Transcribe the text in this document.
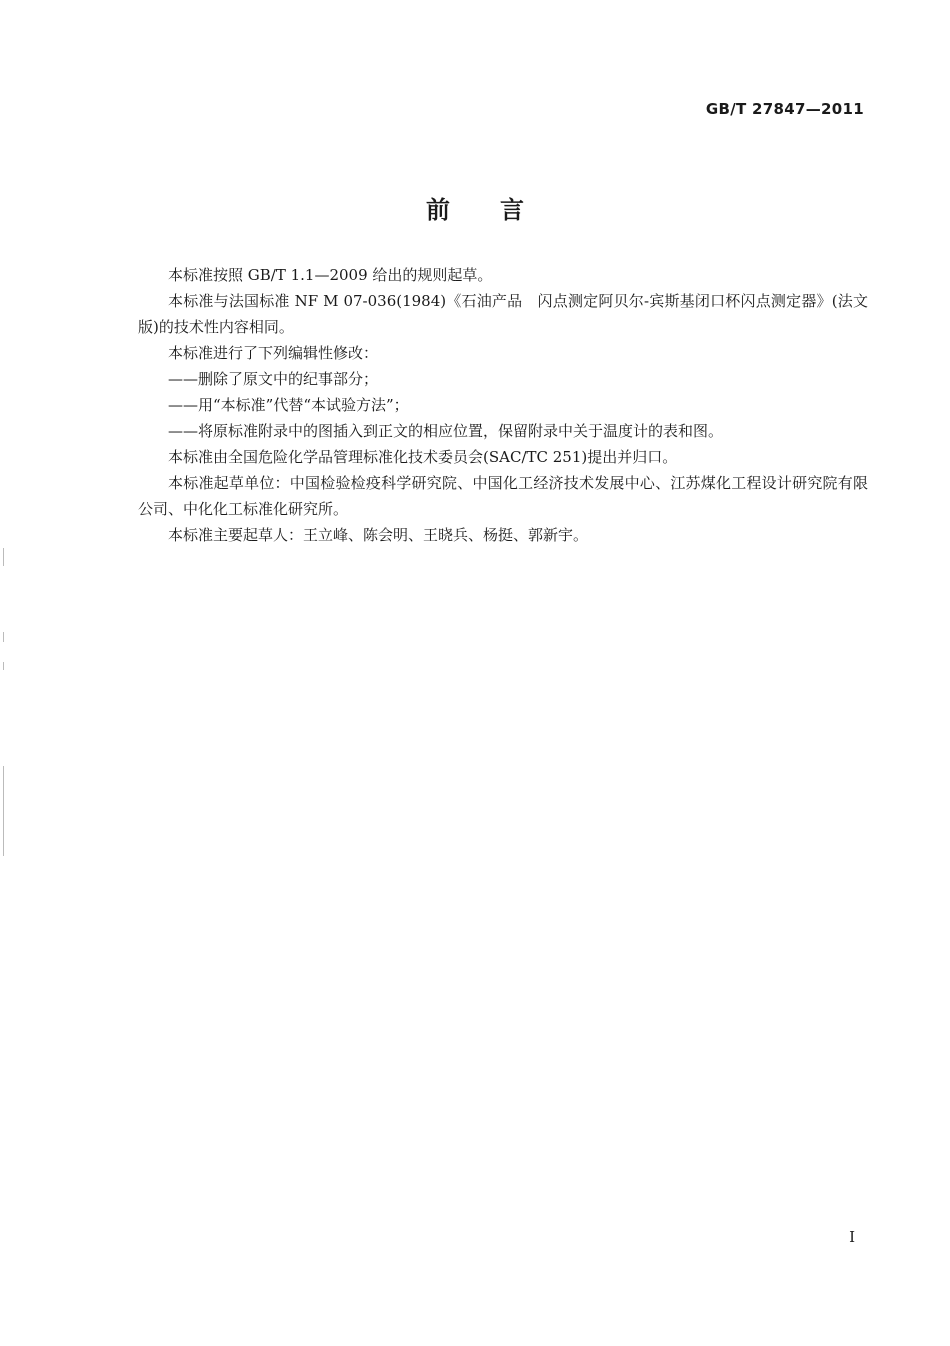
GB/T 27847—2011
前言

本标准按照 GB/T 1.1—2009 给出的规则起草。

本标准与法国标准 NF M 07-036(1984)《石油产品　闪点测定阿贝尔-宾斯基闭口杯闪点测定器》(法文版)的技术性内容相同。

本标准进行了下列编辑性修改：

——删除了原文中的纪事部分；

——用“本标准”代替“本试验方法”；

——将原标准附录中的图插入到正文的相应位置，保留附录中关于温度计的表和图。

本标准由全国危险化学品管理标准化技术委员会(SAC/TC 251)提出并归口。

本标准起草单位：中国检验检疫科学研究院、中国化工经济技术发展中心、江苏煤化工程设计研究院有限公司、中化化工标准化研究所。

本标准主要起草人：王立峰、陈会明、王晓兵、杨挺、郭新宇。

I
